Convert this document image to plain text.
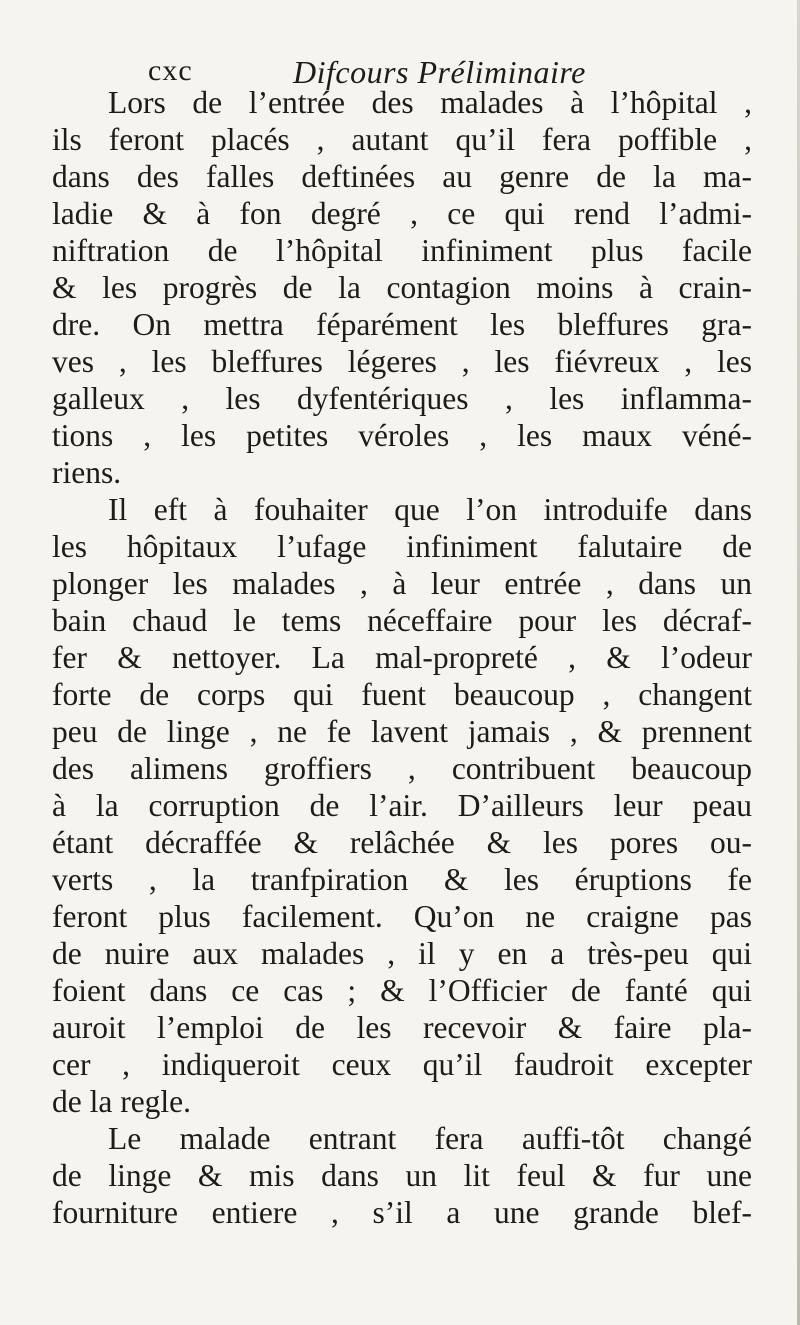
cxc	Difcours Préliminaire
Lors de l’entrée des malades à l’hôpital ,
ils feront placés , autant qu’il fera poffible ,
dans des falles deftinées au genre de la ma-
ladie & à fon degré , ce qui rend l’admi-
niftration de l’hôpital infiniment plus facile
& les progrès de la contagion moins à crain-
dre. On mettra féparément les bleffures gra-
ves , les bleffures légeres , les fiévreux , les
galleux , les dyfentériques , les inflamma-
tions , les petites véroles , les maux véné-
riens.
Il eft à fouhaiter que l’on introduife dans
les hôpitaux l’ufage infiniment falutaire de
plonger les malades , à leur entrée , dans un
bain chaud le tems néceffaire pour les décraf-
fer & nettoyer. La mal-propreté , & l’odeur
forte de corps qui fuent beaucoup , changent
peu de linge , ne fe lavent jamais , & prennent
des alimens groffiers , contribuent beaucoup
à la corruption de l’air. D’ailleurs leur peau
étant décraffée & relâchée & les pores ou-
verts , la tranfpiration & les éruptions fe
feront plus facilement. Qu’on ne craigne pas
de nuire aux malades , il y en a très-peu qui
foient dans ce cas ; & l’Officier de fanté qui
auroit l’emploi de les recevoir & faire pla-
cer , indiqueroit ceux qu’il faudroit excepter
de la regle.
Le malade entrant fera auffi-tôt changé
de linge & mis dans un lit feul & fur une
fourniture entiere , s’il a une grande blef-
